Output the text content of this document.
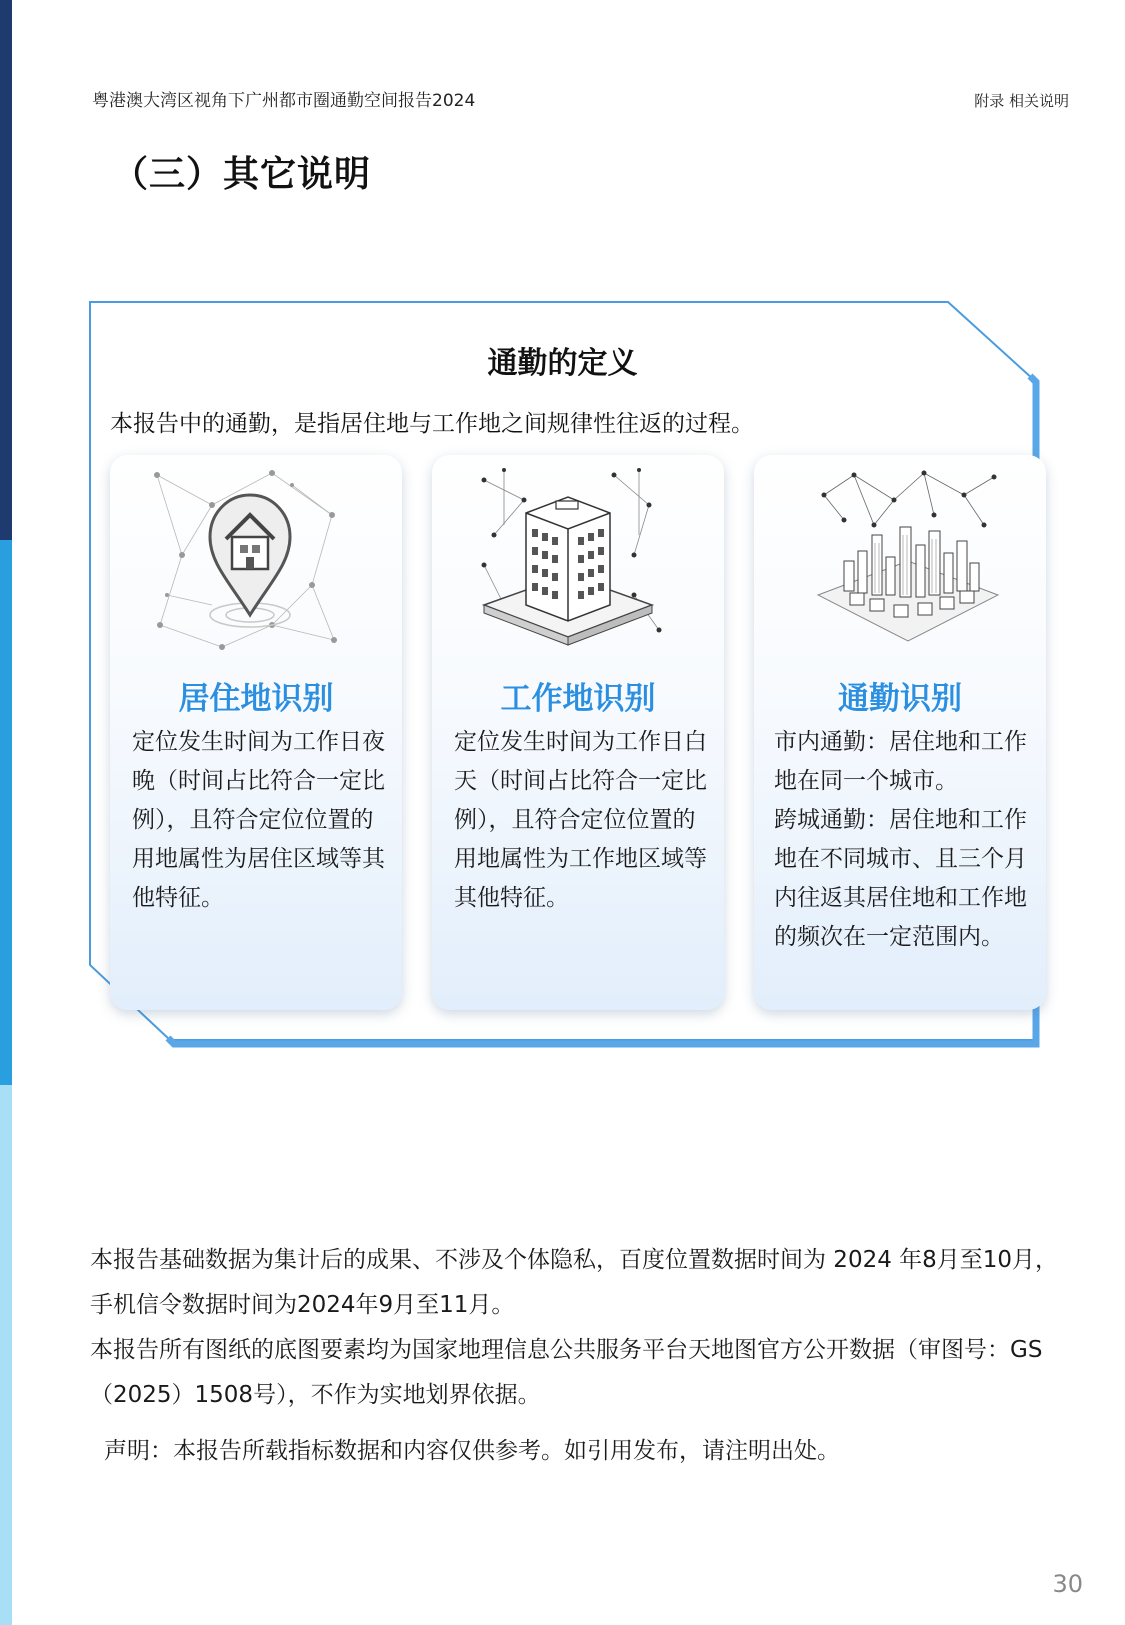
粤港澳大湾区视角下广州都市圈通勤空间报告2024	附录 相关说明
（三）其它说明
通勤的定义
本报告中的通勤，是指居住地与工作地之间规律性往返的过程。
居住地识别
定位发生时间为工作日夜晚（时间占比符合一定比例），且符合定位位置的用地属性为居住区域等其他特征。
工作地识别
定位发生时间为工作日白天（时间占比符合一定比例），且符合定位位置的用地属性为工作地区域等其他特征。
通勤识别
市内通勤：居住地和工作地在同一个城市。
跨城通勤：居住地和工作地在不同城市、且三个月内往返其居住地和工作地的频次在一定范围内。
本报告基础数据为集计后的成果、不涉及个体隐私，百度位置数据时间为 2024 年8月至10月，手机信令数据时间为2024年9月至11月。
本报告所有图纸的底图要素均为国家地理信息公共服务平台天地图官方公开数据（审图号：GS（2025）1508号），不作为实地划界依据。
声明：本报告所载指标数据和内容仅供参考。如引用发布，请注明出处。
30
